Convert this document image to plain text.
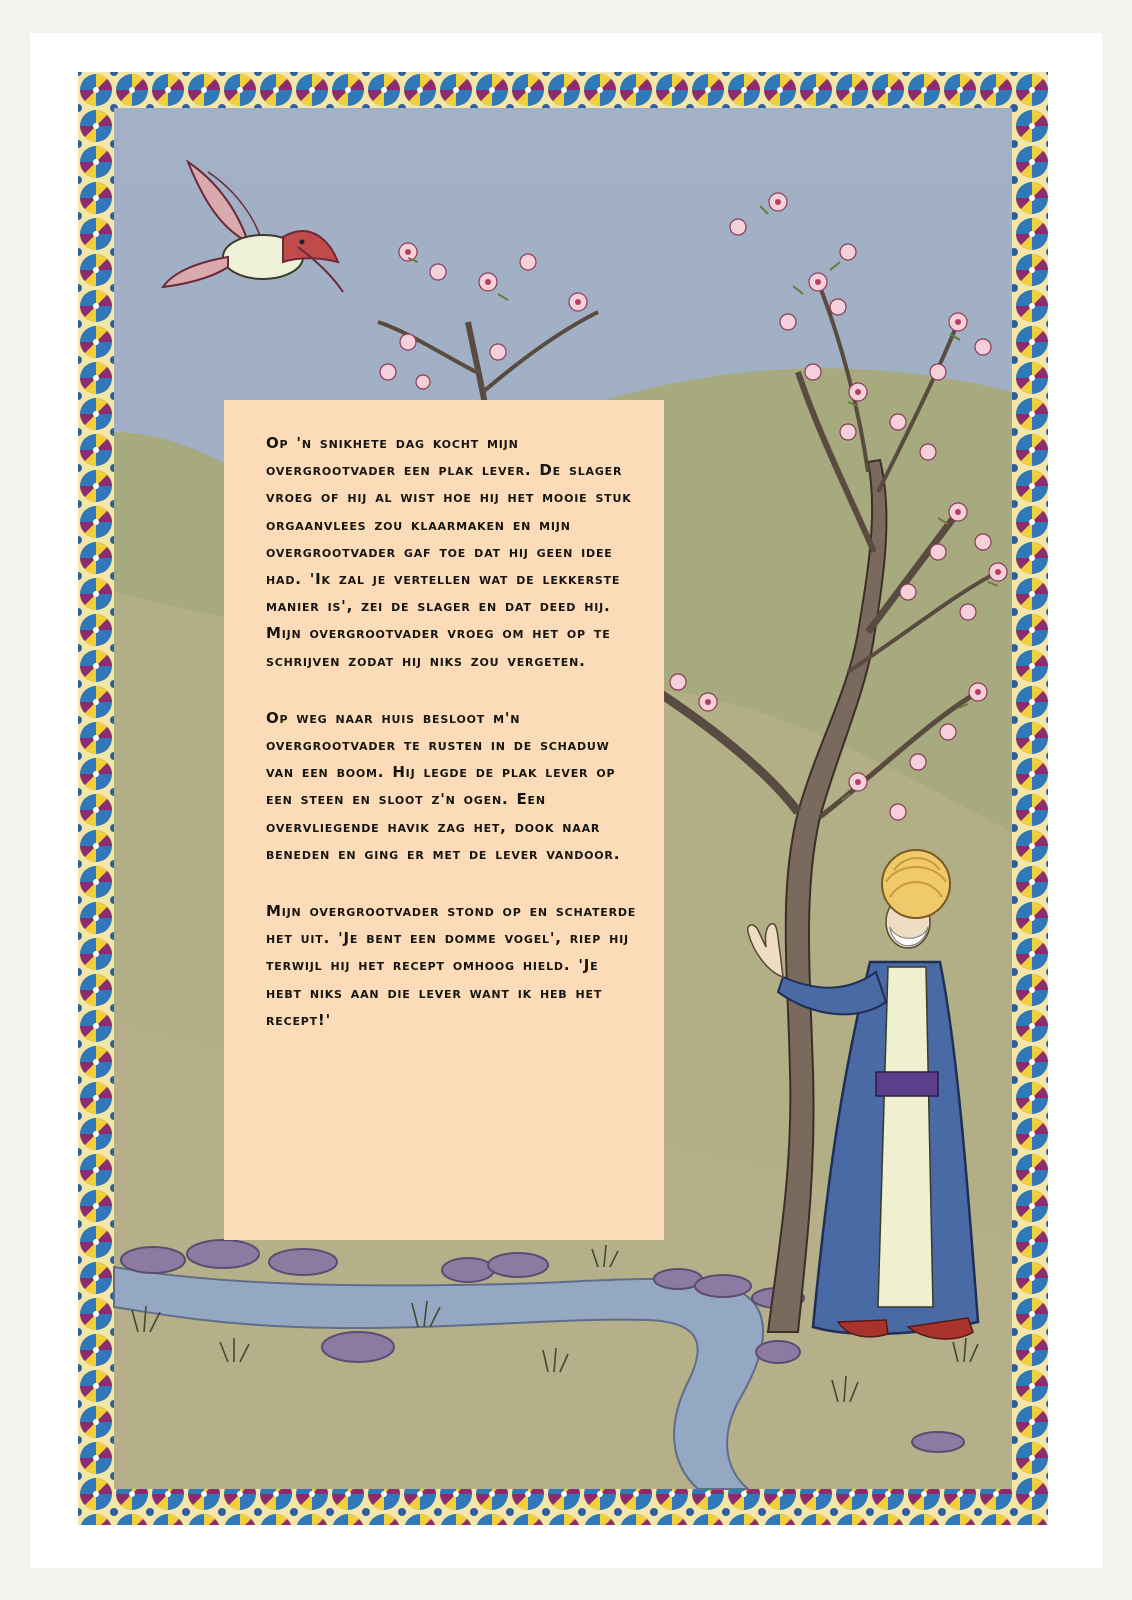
Op 'n snikhete dag kocht mijn overgrootvader een plak lever. De slager vroeg of hij al wist hoe hij het mooie stuk orgaanvlees zou klaarmaken en mijn overgrootvader gaf toe dat hij geen idee had. 'Ik zal je vertellen wat de lekkerste manier is', zei de slager en dat deed hij. Mijn overgrootvader vroeg om het op te schrijven zodat hij niks zou vergeten.

Op weg naar huis besloot m'n overgrootvader te rusten in de schaduw van een boom. Hij legde de plak lever op een steen en sloot z'n ogen. Een overvliegende havik zag het, dook naar beneden en ging er met de lever vandoor.

Mijn overgrootvader stond op en schaterde het uit. 'Je bent een domme vogel', riep hij terwijl hij het recept omhoog hield. 'Je hebt niks aan die lever want ik heb het recept!'
